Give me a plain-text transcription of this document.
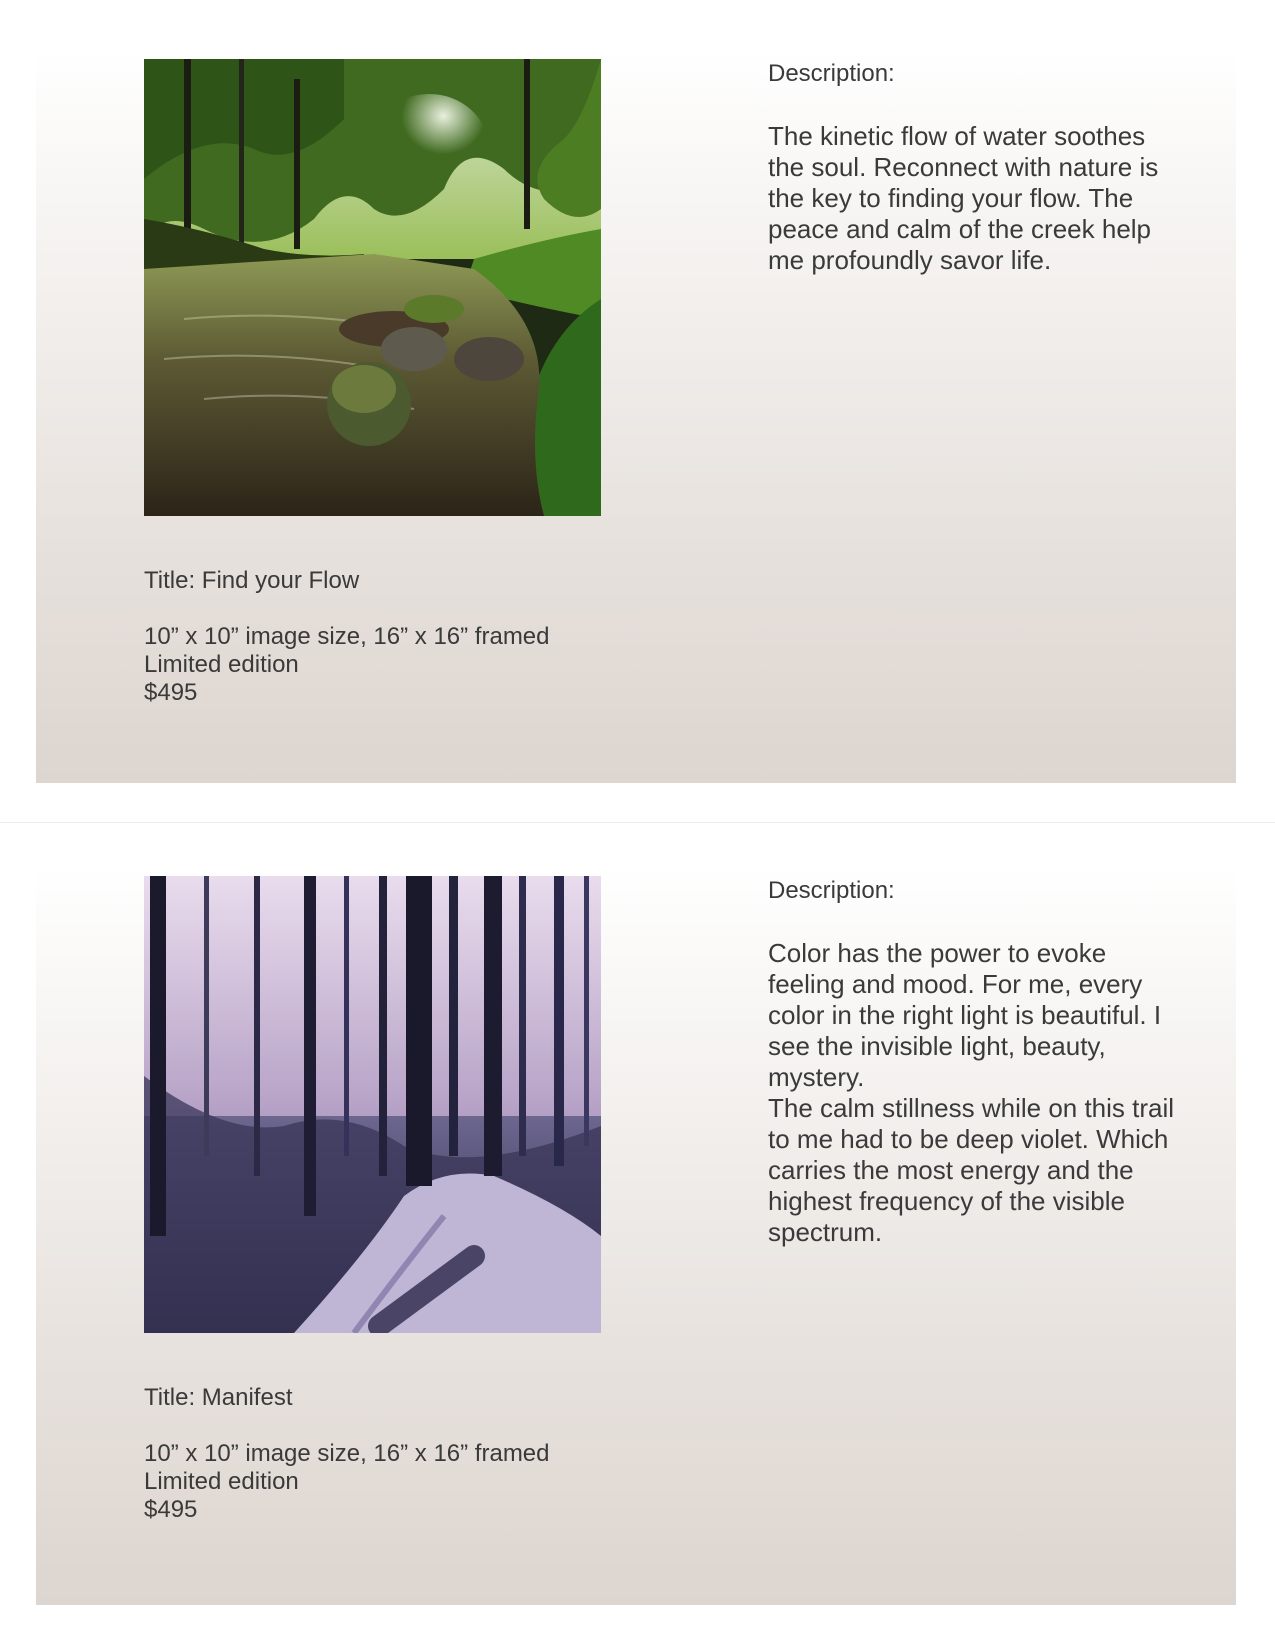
Title: Find your Flow
10” x 10” image size, 16” x 16” framed
Limited edition
$495
Description:
The kinetic flow of water soothes the soul. Reconnect with nature is the key to finding your flow. The peace and calm of the creek help me profoundly savor life.
Title: Manifest
10” x 10” image size, 16” x 16” framed
Limited edition
$495
Description:
Color has the power to evoke feeling and mood. For me, every color in the right light is beautiful. I see the invisible light, beauty, mystery.
The calm stillness while on this trail to me had to be deep violet. Which carries the most energy and the highest frequency of the visible spectrum.
